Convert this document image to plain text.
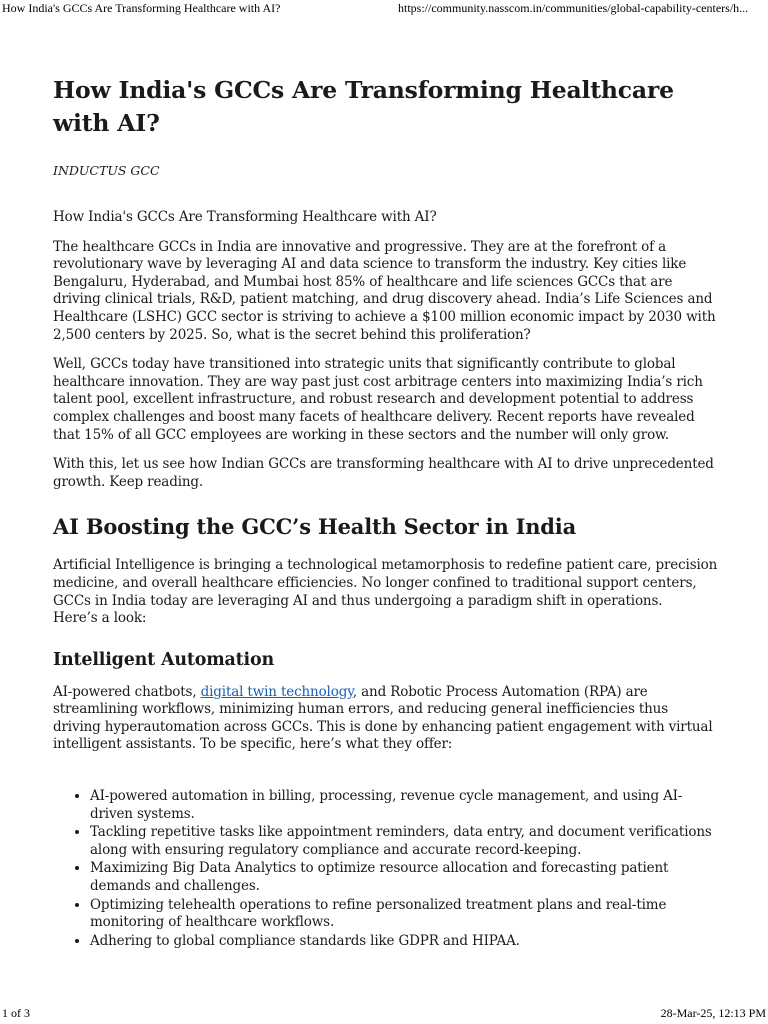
How India's GCCs Are Transforming Healthcare with AI?	https://community.nasscom.in/communities/global-capability-centers/h...
How India's GCCs Are Transforming Healthcare with AI?
INDUCTUS GCC

How India's GCCs Are Transforming Healthcare with AI?

The healthcare GCCs in India are innovative and progressive. They are at the forefront of a revolutionary wave by leveraging AI and data science to transform the industry. Key cities like Bengaluru, Hyderabad, and Mumbai host 85% of healthcare and life sciences GCCs that are driving clinical trials, R&D, patient matching, and drug discovery ahead. India’s Life Sciences and Healthcare (LSHC) GCC sector is striving to achieve a $100 million economic impact by 2030 with 2,500 centers by 2025. So, what is the secret behind this proliferation?

Well, GCCs today have transitioned into strategic units that significantly contribute to global healthcare innovation. They are way past just cost arbitrage centers into maximizing India’s rich talent pool, excellent infrastructure, and robust research and development potential to address complex challenges and boost many facets of healthcare delivery. Recent reports have revealed that 15% of all GCC employees are working in these sectors and the number will only grow.

With this, let us see how Indian GCCs are transforming healthcare with AI to drive unprecedented growth. Keep reading.

AI Boosting the GCC’s Health Sector in India

Artificial Intelligence is bringing a technological metamorphosis to redefine patient care, precision medicine, and overall healthcare efficiencies. No longer confined to traditional support centers, GCCs in India today are leveraging AI and thus undergoing a paradigm shift in operations.
Here’s a look:

Intelligent Automation

AI-powered chatbots, digital twin technology, and Robotic Process Automation (RPA) are streamlining workflows, minimizing human errors, and reducing general inefficiencies thus driving hyperautomation across GCCs. This is done by enhancing patient engagement with virtual intelligent assistants. To be specific, here’s what they offer:

• AI-powered automation in billing, processing, revenue cycle management, and using AI-driven systems.
• Tackling repetitive tasks like appointment reminders, data entry, and document verifications along with ensuring regulatory compliance and accurate record-keeping.
• Maximizing Big Data Analytics to optimize resource allocation and forecasting patient demands and challenges.
• Optimizing telehealth operations to refine personalized treatment plans and real-time monitoring of healthcare workflows.
• Adhering to global compliance standards like GDPR and HIPAA.
1 of 3	28-Mar-25, 12:13 PM
